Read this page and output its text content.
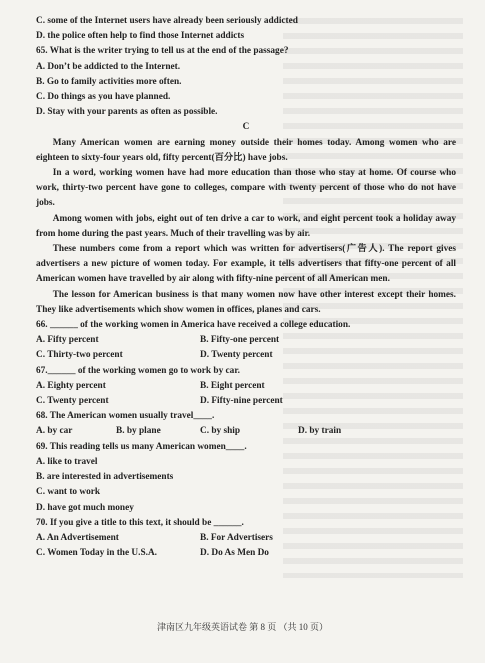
C. some of the Internet users have already been seriously addicted
D. the police often help to find those Internet addicts
65. What is the writer trying to tell us at the end of the passage?
A. Don’t be addicted to the Internet.
B. Go to family activities more often.
C. Do things as you have planned.
D. Stay with your parents as often as possible.
C

Many American women are earning money outside their homes today. Among women who are eighteen to sixty-four years old, fifty percent(百分比) have jobs.

In a word, working women have had more education than those who stay at home. Of course who work, thirty-two percent have gone to colleges, compare with twenty percent of those who do not have jobs.

Among women with jobs, eight out of ten drive a car to work, and eight percent took a holiday away from home during the past years. Much of their travelling was by air.

These numbers come from a report which was written for advertisers(广告人). The report gives advertisers a new picture of women today. For example, it tells advertisers that fifty-one percent of all American women have travelled by air along with fifty-nine percent of all American men.

The lesson for American business is that many women now have other interest except their homes. They like advertisements which show women in offices, planes and cars.

66. ______ of the working women in America have received a college education.
A. Fifty percent	B. Fifty-one percent
C. Thirty-two percent	D. Twenty percent
67.______ of the working women go to work by car.
A. Eighty percent	B. Eight percent
C. Twenty percent	D. Fifty-nine percent
68. The American women usually travel____.
A. by car	B. by plane	C. by ship	D. by train
69. This reading tells us many American women____.
A. like to travel
B. are interested in advertisements
C. want to work
D. have got much money
70. If you give a title to this text, it should be ______.
A. An Advertisement	B. For Advertisers
C. Women Today in the U.S.A.	D. Do As Men Do
津南区九年级英语试卷 第 8 页 （共 10 页）
